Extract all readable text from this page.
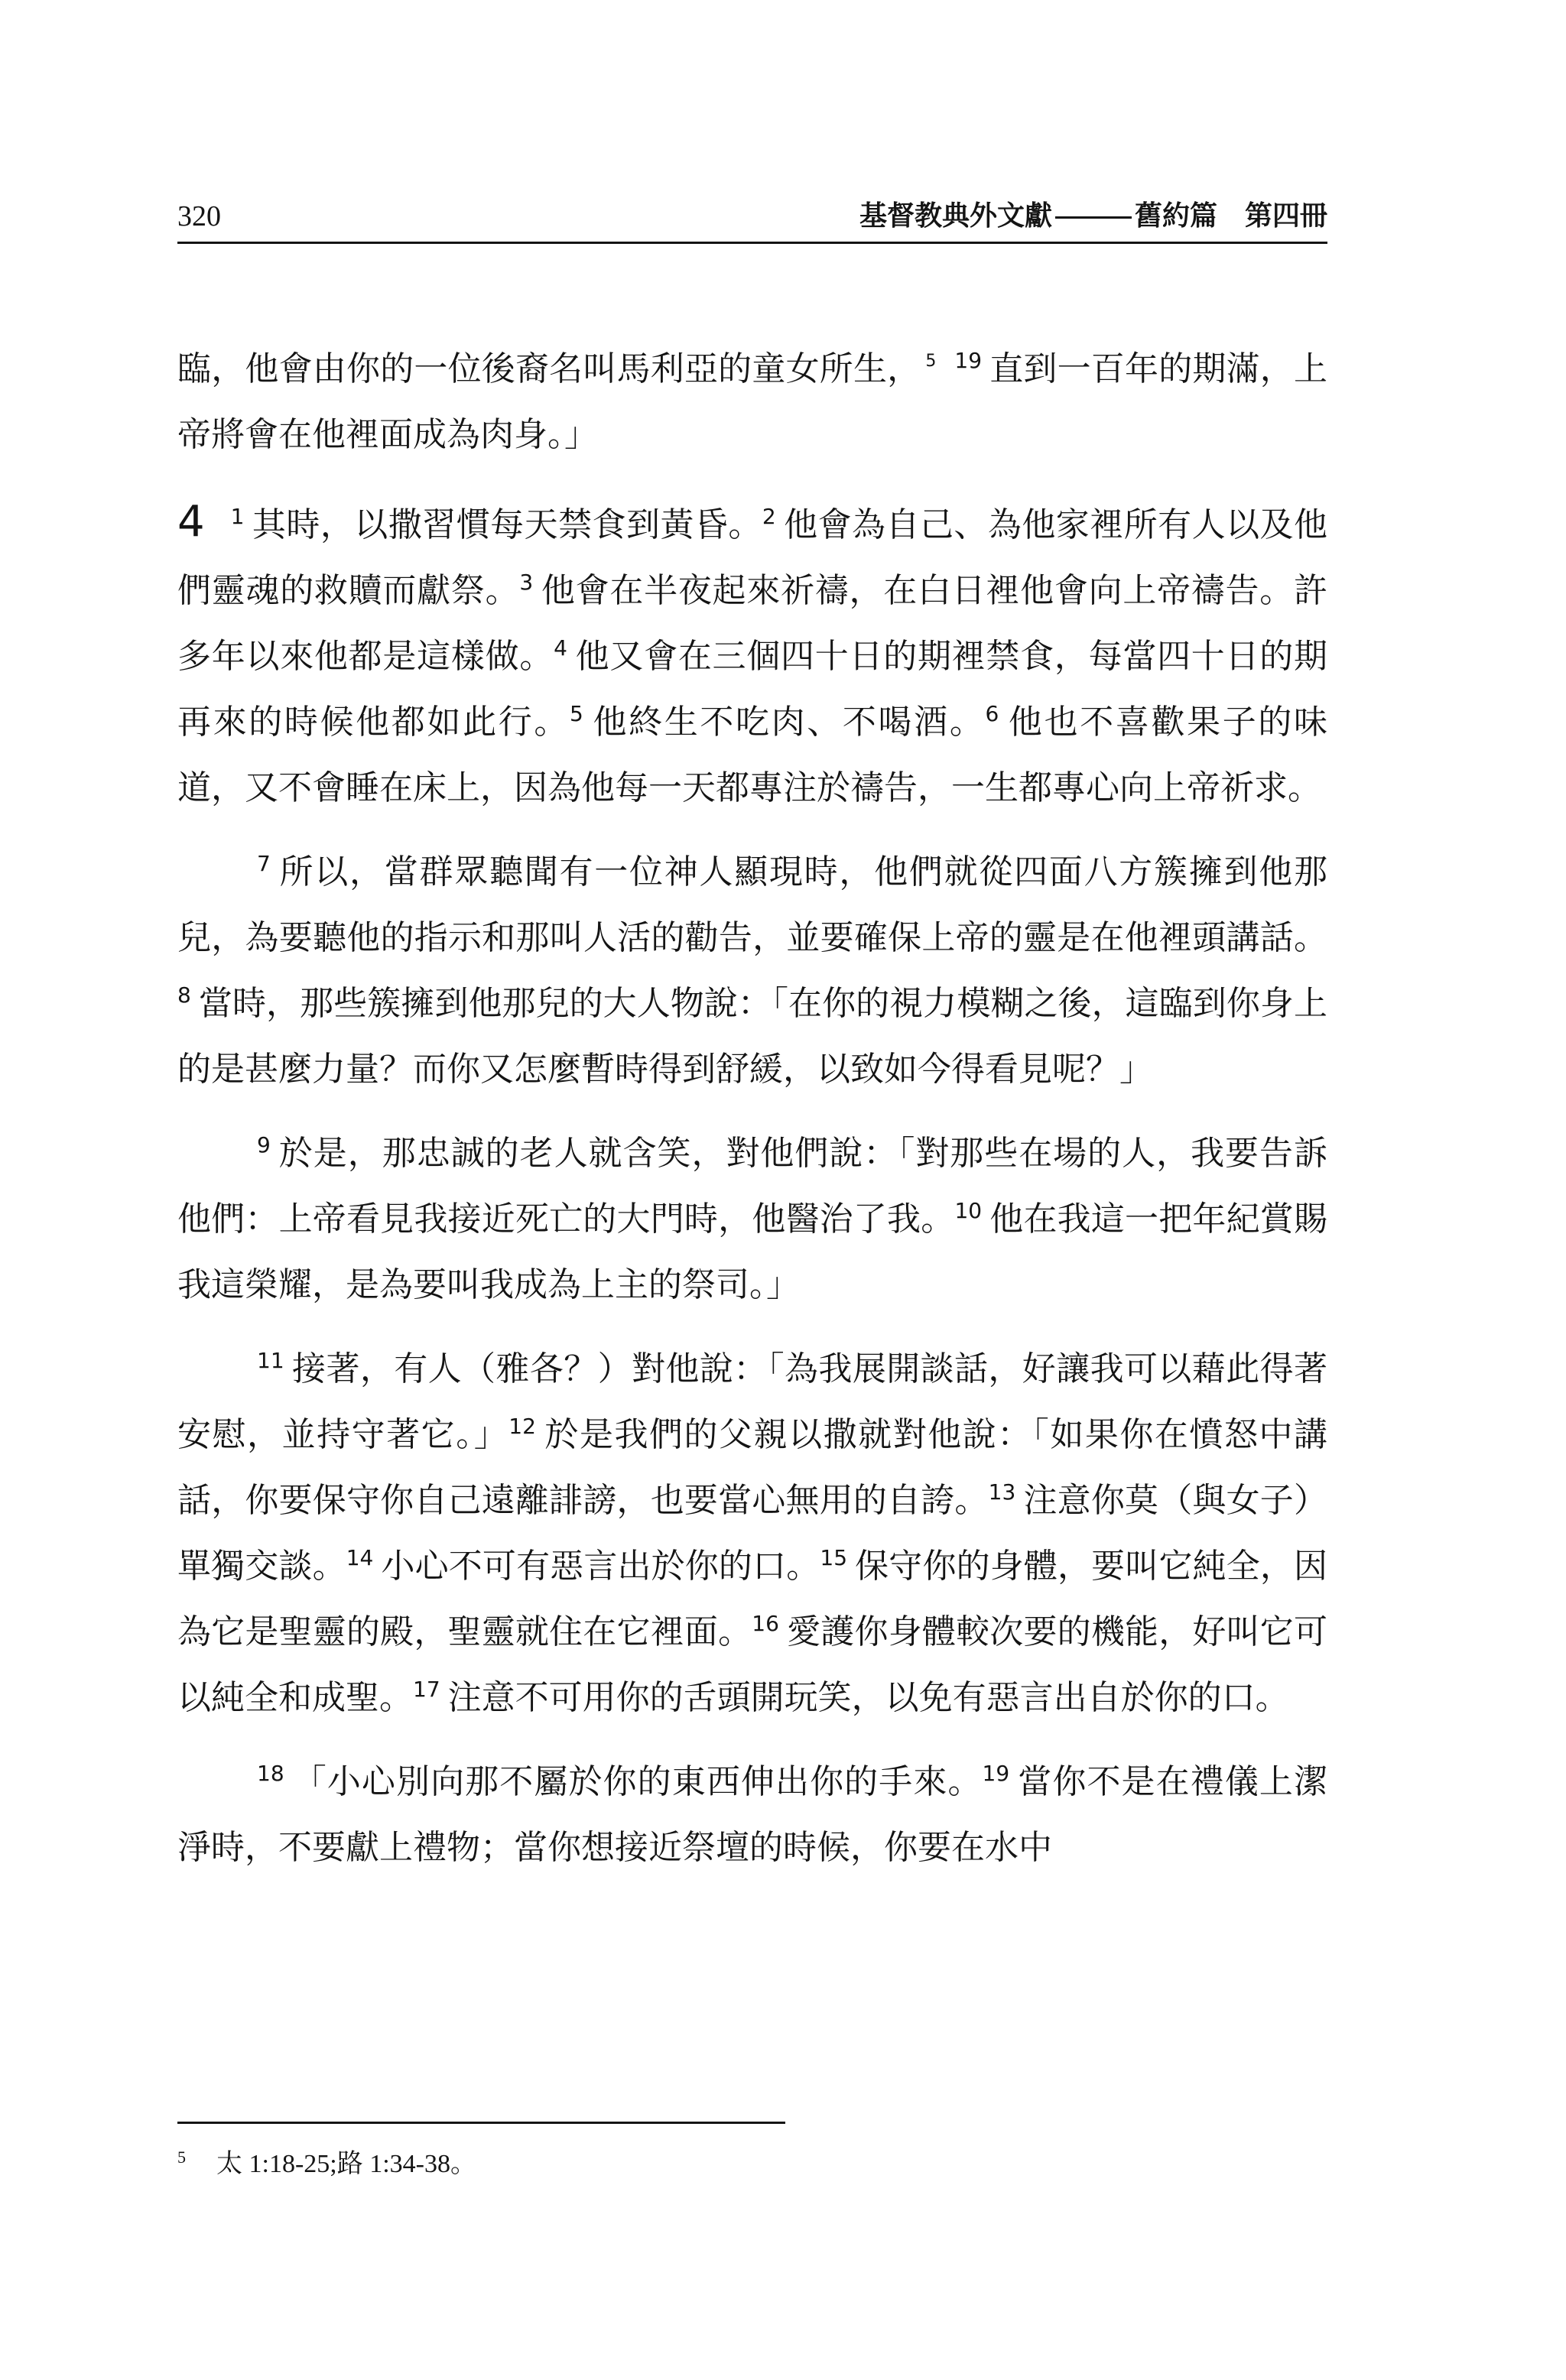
320	基督教典外文獻	舊約篇 第四冊

臨，他會由你的一位後裔名叫馬利亞的童女所生， $^5$ $^{19}$ 直到一百年的期滿，上帝將會在他裡面成為肉身。」

4 $^1$ 其時，以撒習慣每天禁食到黃昏。$^2$ 他會為自己、為他家裡所有人以及他們靈魂的救贖而獻祭。$^3$ 他會在半夜起來祈禱，在白日裡他會向上帝禱告。許多年以來他都是這樣做。$^4$ 他又會在三個四十日的期裡禁食，每當四十日的期再來的時候他都如此行。$^5$ 他終生不吃肉、不喝酒。$^6$ 他也不喜歡果子的味道，又不會睡在床上，因為他每一天都專注於禱告，一生都專心向上帝祈求。

$^7$ 所以，當群眾聽聞有一位神人顯現時，他們就從四面八方簇擁到他那兒，為要聽他的指示和那叫人活的勸告，並要確保上帝的靈是在他裡頭講話。$^8$ 當時，那些簇擁到他那兒的大人物說：「在你的視力模糊之後，這臨到你身上的是甚麼力量？而你又怎麼暫時得到舒緩，以致如今得看見呢？」

$^9$ 於是，那忠誠的老人就含笑，對他們說：「對那些在場的人，我要告訴他們：上帝看見我接近死亡的大門時，他醫治了我。$^{10}$ 他在我這一把年紀賞賜我這榮耀，是為要叫我成為上主的祭司。」

$^{11}$ 接著，有人（雅各？）對他說：「為我展開談話，好讓我可以藉此得著安慰，並持守著它。」$^{12}$ 於是我們的父親以撒就對他說：「如果你在憤怒中講話，你要保守你自己遠離誹謗，也要當心無用的自誇。$^{13}$ 注意你莫（與女子）單獨交談。$^{14}$ 小心不可有惡言出於你的口。$^{15}$ 保守你的身體，要叫它純全，因為它是聖靈的殿，聖靈就住在它裡面。$^{16}$ 愛護你身體較次要的機能，好叫它可以純全和成聖。$^{17}$ 注意不可用你的舌頭開玩笑，以免有惡言出自於你的口。

$^{18}$ 「小心別向那不屬於你的東西伸出你的手來。$^{19}$ 當你不是在禮儀上潔淨時，不要獻上禮物；當你想接近祭壇的時候，你要在水中

$^5$ 太 1:18-25;路 1:34-38。
